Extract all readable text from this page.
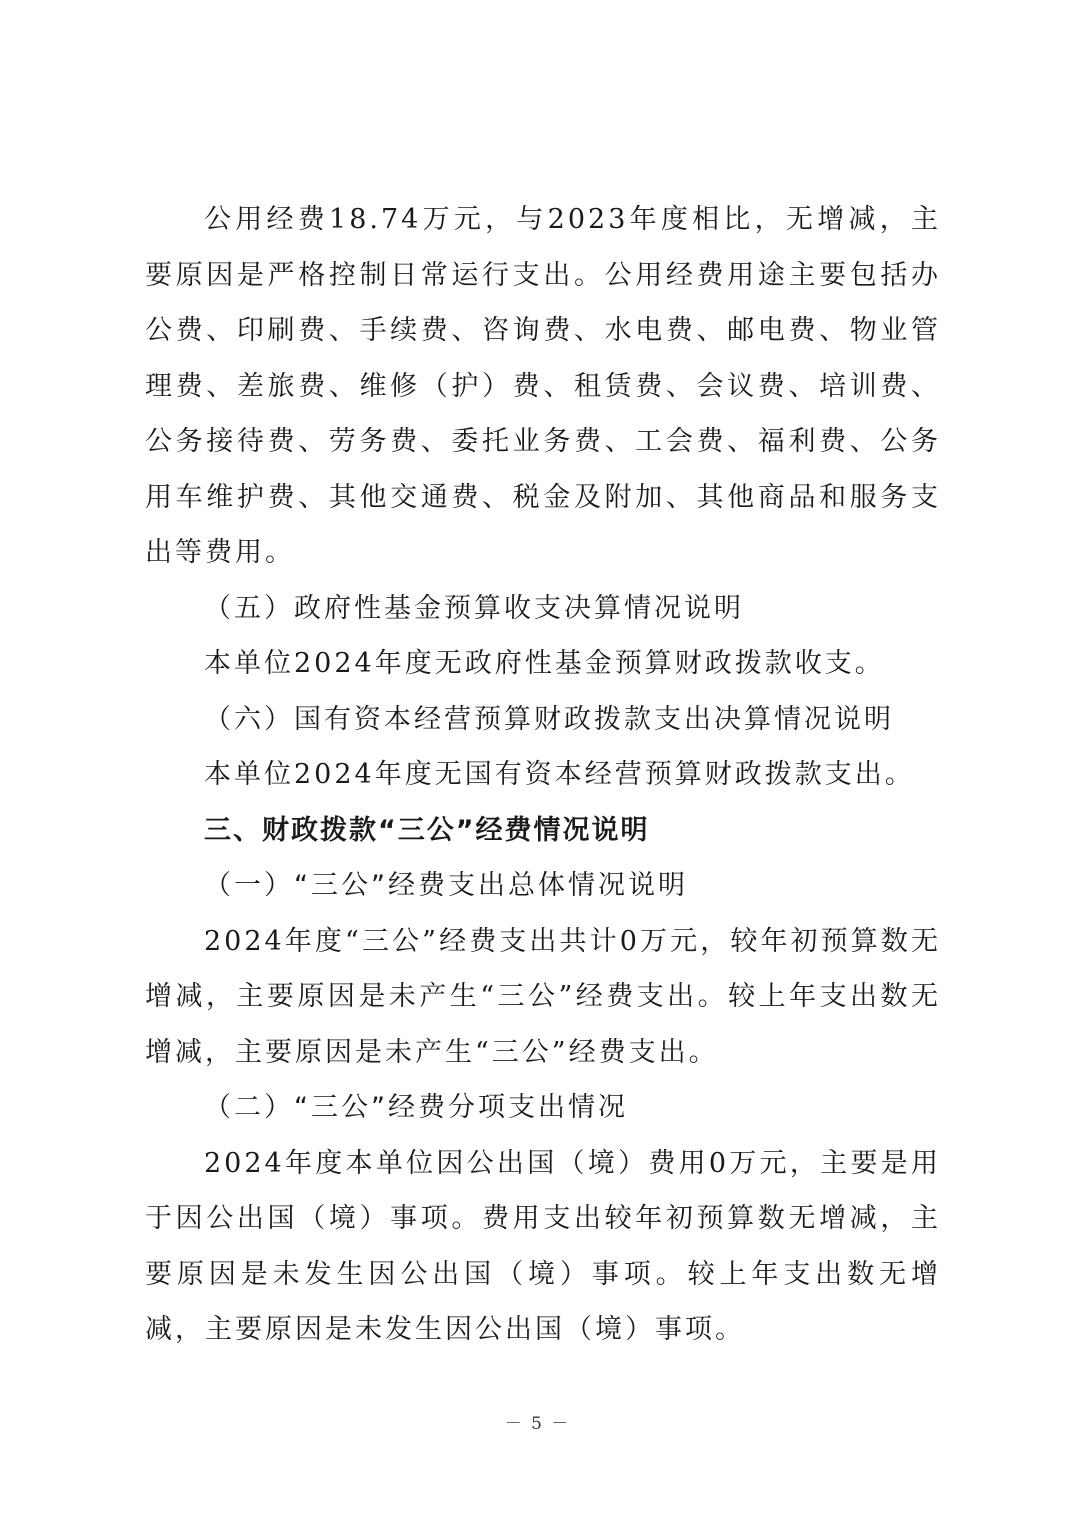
公用经费18.74万元，与2023年度相比，无增减，主要原因是严格控制日常运行支出。公用经费用途主要包括办公费、印刷费、手续费、咨询费、水电费、邮电费、物业管理费、差旅费、维修（护）费、租赁费、会议费、培训费、公务接待费、劳务费、委托业务费、工会费、福利费、公务用车维护费、其他交通费、税金及附加、其他商品和服务支出等费用。

（五）政府性基金预算收支决算情况说明

本单位2024年度无政府性基金预算财政拨款收支。

（六）国有资本经营预算财政拨款支出决算情况说明

本单位2024年度无国有资本经营预算财政拨款支出。

三、财政拨款“三公”经费情况说明

（一）“三公”经费支出总体情况说明

2024年度“三公”经费支出共计0万元，较年初预算数无增减，主要原因是未产生“三公”经费支出。较上年支出数无增减，主要原因是未产生“三公”经费支出。

（二）“三公”经费分项支出情况

2024年度本单位因公出国（境）费用0万元，主要是用于因公出国（境）事项。费用支出较年初预算数无增减，主要原因是未发生因公出国（境）事项。较上年支出数无增减，主要原因是未发生因公出国（境）事项。

－ 5 －
